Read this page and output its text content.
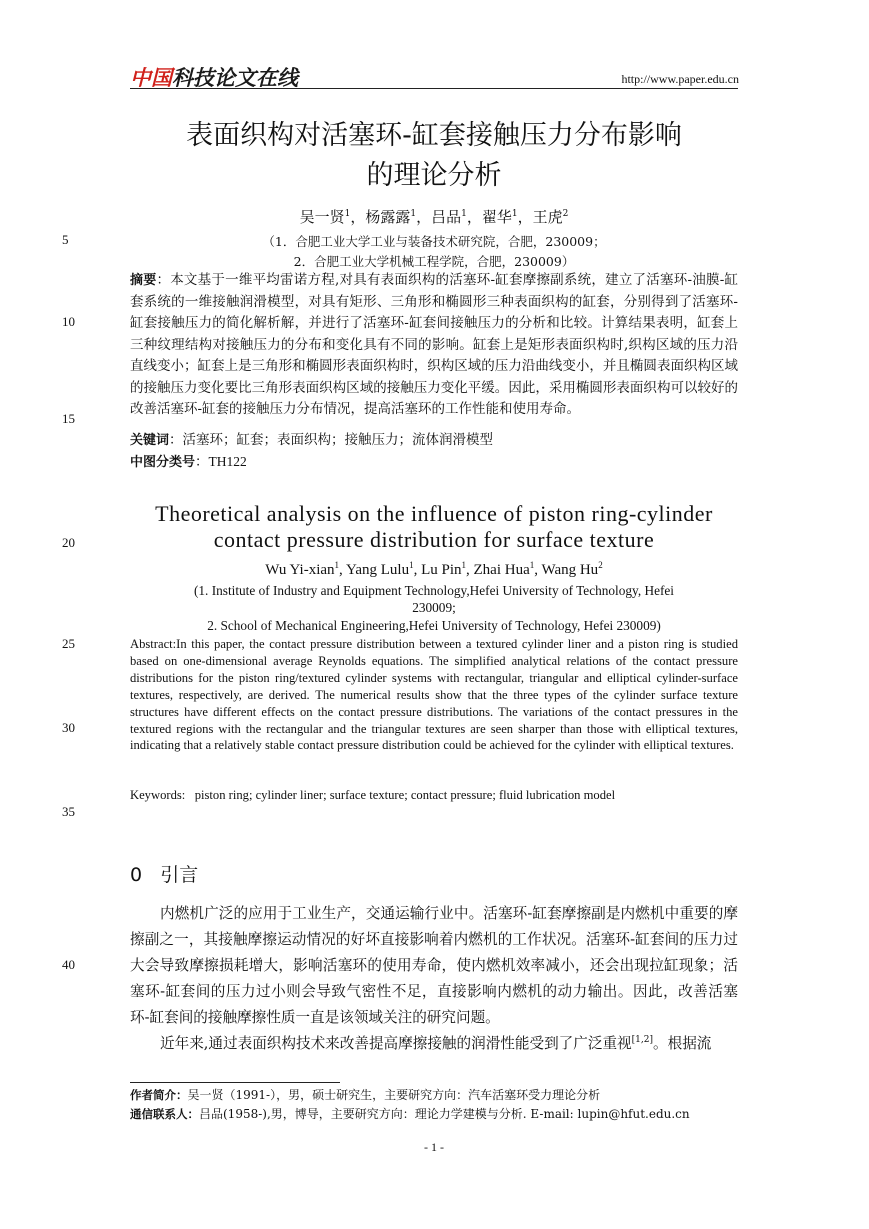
中国科技论文在线	http://www.paper.edu.cn
5
10
15
20
25
30
35
40
表面织构对活塞环-缸套接触压力分布影响
的理论分析
吴一贤$^1$，杨露露$^1$，吕品$^1$，翟华$^1$，王虎$^2$
（1．合肥工业大学工业与装备技术研究院，合肥，230009；
2．合肥工业大学机械工程学院，合肥，230009）
摘要：本文基于一维平均雷诺方程,对具有表面织构的活塞环-缸套摩擦副系统，建立了活塞环-油膜-缸套系统的一维接触润滑模型，对具有矩形、三角形和椭圆形三种表面织构的缸套，分别得到了活塞环-缸套接触压力的简化解析解，并进行了活塞环-缸套间接触压力的分析和比较。计算结果表明，缸套上三种纹理结构对接触压力的分布和变化具有不同的影响。缸套上是矩形表面织构时,织构区域的压力沿直线变小；缸套上是三角形和椭圆形表面织构时，织构区域的压力沿曲线变小，并且椭圆表面织构区域的接触压力变化要比三角形表面织构区域的接触压力变化平缓。因此，采用椭圆形表面织构可以较好的改善活塞环-缸套的接触压力分布情况，提高活塞环的工作性能和使用寿命。
关键词：活塞环；缸套；表面织构；接触压力；流体润滑模型
中图分类号：TH122
Theoretical analysis on the influence of piston ring-cylinder
contact pressure distribution for surface texture
Wu Yi-xian$^1$, Yang Lulu$^1$, Lu Pin$^1$, Zhai Hua$^1$, Wang Hu$^2$
(1. Institute of Industry and Equipment Technology,Hefei University of Technology, Hefei
230009;
2. School of Mechanical Engineering,Hefei University of Technology, Hefei 230009)
Abstract:In this paper, the contact pressure distribution between a textured cylinder liner and a piston ring is studied based on one-dimensional average Reynolds equations. The simplified analytical relations of the contact pressure distributions for the piston ring/textured cylinder systems with rectangular, triangular and elliptical cylinder-surface textures, respectively, are derived. The numerical results show that the three types of the cylinder surface texture structures have different effects on the contact pressure distributions. The variations of the contact pressures in the textured regions with the rectangular and the triangular textures are seen sharper than those with elliptical textures, indicating that a relatively stable contact pressure distribution could be achieved for the cylinder with elliptical textures.
Keywords: piston ring; cylinder liner; surface texture; contact pressure; fluid lubrication model
0 引言
内燃机广泛的应用于工业生产，交通运输行业中。活塞环-缸套摩擦副是内燃机中重要的摩擦副之一，其接触摩擦运动情况的好坏直接影响着内燃机的工作状况。活塞环-缸套间的压力过大会导致摩擦损耗增大，影响活塞环的使用寿命，使内燃机效率减小，还会出现拉缸现象；活塞环-缸套间的压力过小则会导致气密性不足，直接影响内燃机的动力输出。因此，改善活塞环-缸套间的接触摩擦性质一直是该领域关注的研究问题。
近年来,通过表面织构技术来改善提高摩擦接触的润滑性能受到了广泛重视[1,2]。根据流
作者简介：吴一贤（1991-），男，硕士研究生，主要研究方向：汽车活塞环受力理论分析
通信联系人：吕品(1958-),男，博导，主要研究方向：理论力学建模与分析. E-mail: lupin@hfut.edu.cn
- 1 -
